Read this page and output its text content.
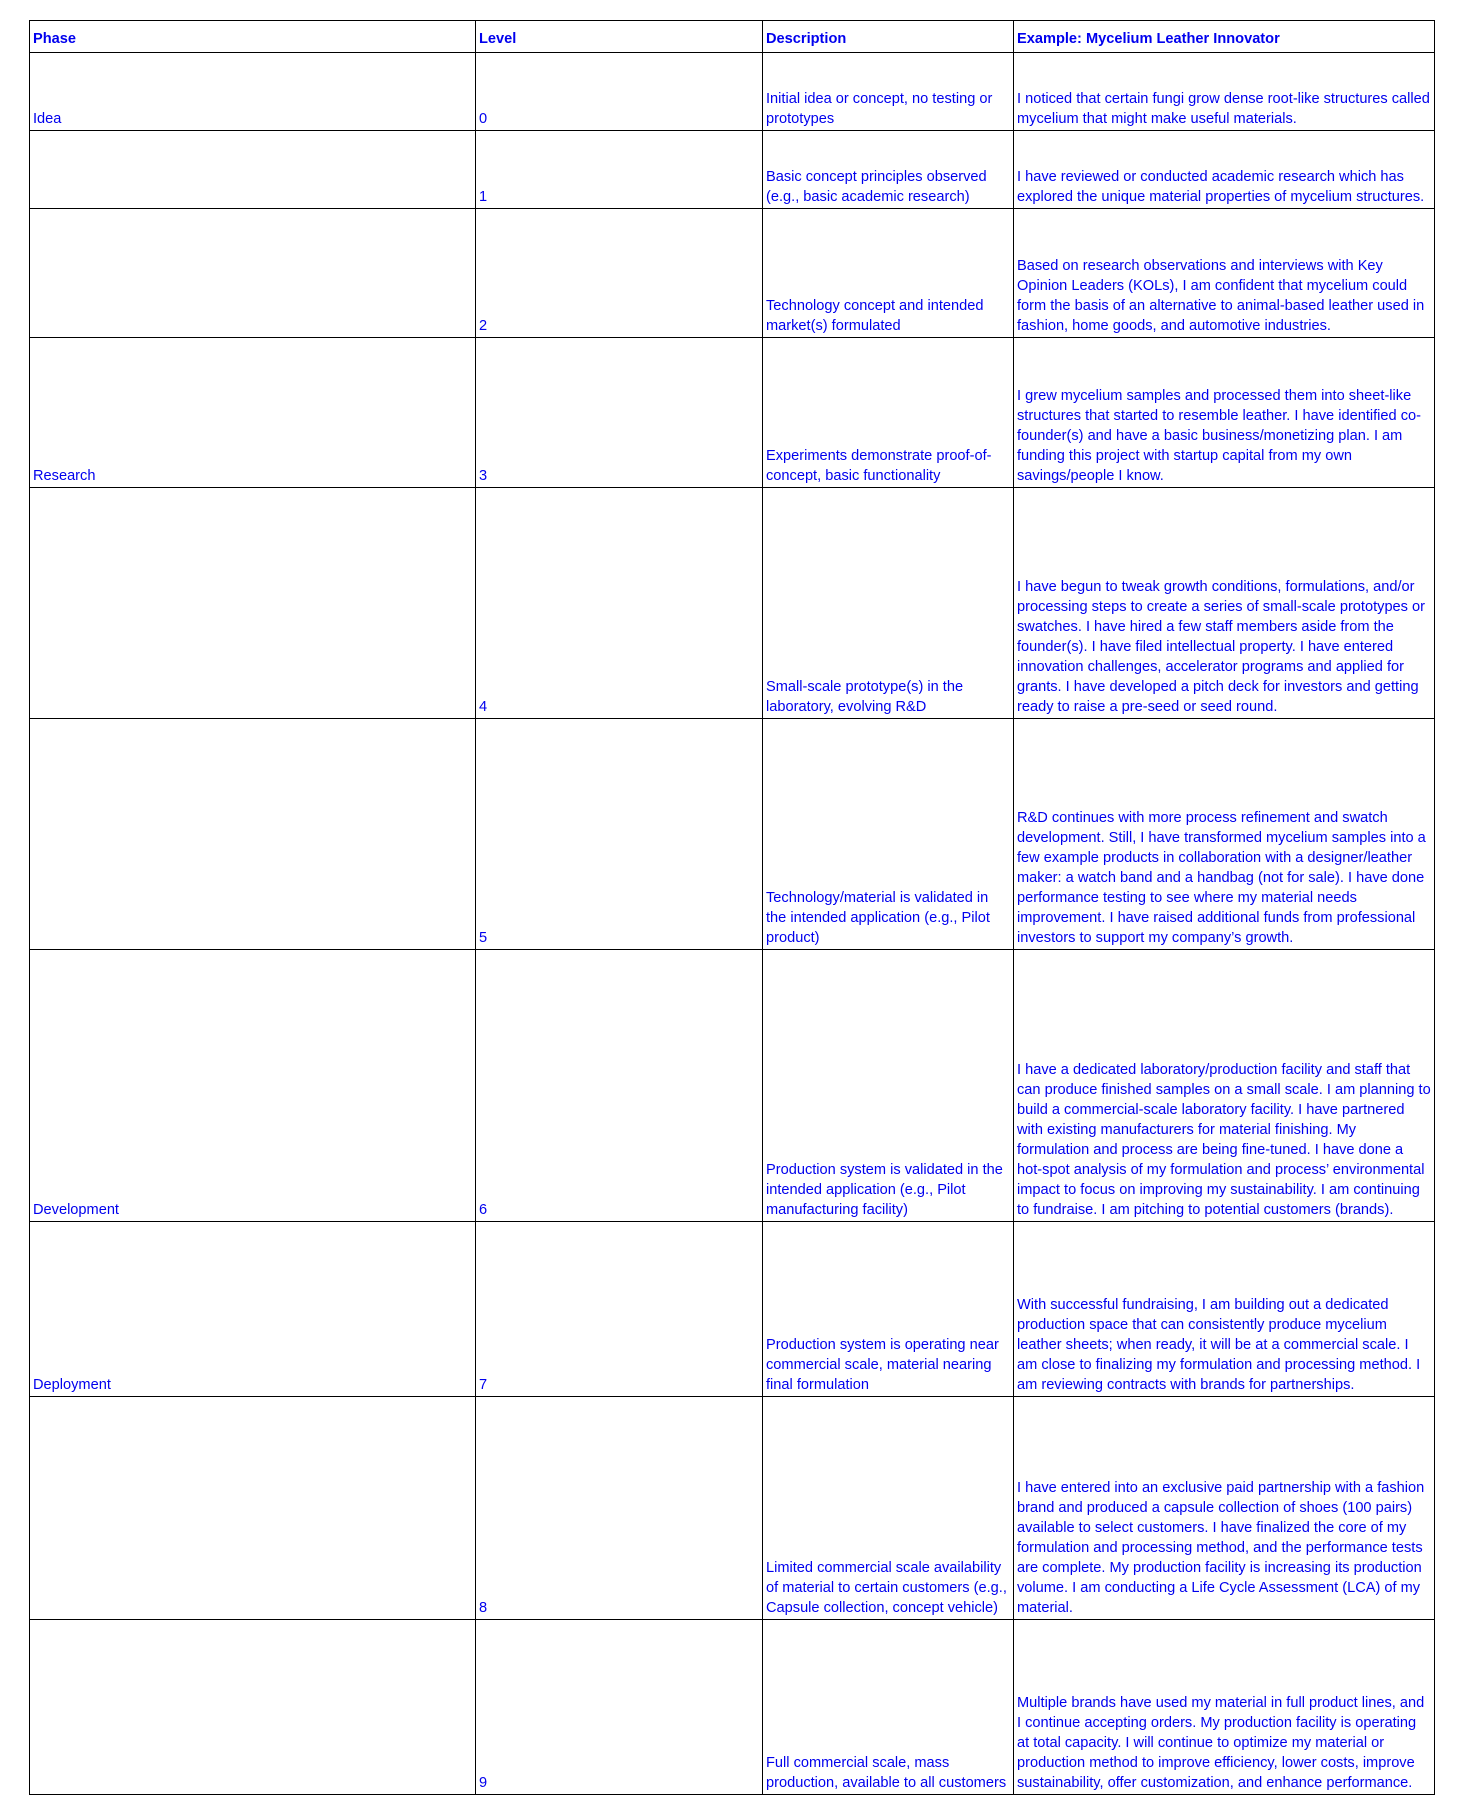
Phase	Level	Description	Example: Mycelium Leather Innovator
Idea	0	Initial idea or concept, no testing or prototypes	I noticed that certain fungi grow dense root-like structures called mycelium that might make useful materials.
	1	Basic concept principles observed (e.g., basic academic research)	I have reviewed or conducted academic research which has explored the unique material properties of mycelium structures.
	2	Technology concept and intended market(s) formulated	Based on research observations and interviews with Key Opinion Leaders (KOLs), I am confident that mycelium could form the basis of an alternative to animal-based leather used in fashion, home goods, and automotive industries.
Research	3	Experiments demonstrate proof-of-concept, basic functionality	I grew mycelium samples and processed them into sheet-like structures that started to resemble leather. I have identified co-founder(s) and have a basic business/monetizing plan. I am funding this project with startup capital from my own savings/people I know.
	4	Small-scale prototype(s) in the laboratory, evolving R&D	I have begun to tweak growth conditions, formulations, and/or processing steps to create a series of small-scale prototypes or swatches. I have hired a few staff members aside from the founder(s). I have filed intellectual property. I have entered innovation challenges, accelerator programs and applied for grants. I have developed a pitch deck for investors and getting ready to raise a pre-seed or seed round.
	5	Technology/material is validated in the intended application (e.g., Pilot product)	R&D continues with more process refinement and swatch development. Still, I have transformed mycelium samples into a few example products in collaboration with a designer/leather maker: a watch band and a handbag (not for sale). I have done performance testing to see where my material needs improvement. I have raised additional funds from professional investors to support my company’s growth.
Development	6	Production system is validated in the intended application (e.g., Pilot manufacturing facility)	I have a dedicated laboratory/production facility and staff that can produce finished samples on a small scale. I am planning to build a commercial-scale laboratory facility. I have partnered with existing manufacturers for material finishing. My formulation and process are being fine-tuned. I have done a hot-spot analysis of my formulation and process’ environmental impact to focus on improving my sustainability. I am continuing to fundraise. I am pitching to potential customers (brands).
Deployment	7	Production system is operating near commercial scale, material nearing final formulation	With successful fundraising, I am building out a dedicated production space that can consistently produce mycelium leather sheets; when ready, it will be at a commercial scale. I am close to finalizing my formulation and processing method. I am reviewing contracts with brands for partnerships.
	8	Limited commercial scale availability of material to certain customers (e.g., Capsule collection, concept vehicle)	I have entered into an exclusive paid partnership with a fashion brand and produced a capsule collection of shoes (100 pairs) available to select customers. I have finalized the core of my formulation and processing method, and the performance tests are complete. My production facility is increasing its production volume. I am conducting a Life Cycle Assessment (LCA) of my material.
	9	Full commercial scale, mass production, available to all customers	Multiple brands have used my material in full product lines, and I continue accepting orders. My production facility is operating at total capacity. I will continue to optimize my material or production method to improve efficiency, lower costs, improve sustainability, offer customization, and enhance performance.
